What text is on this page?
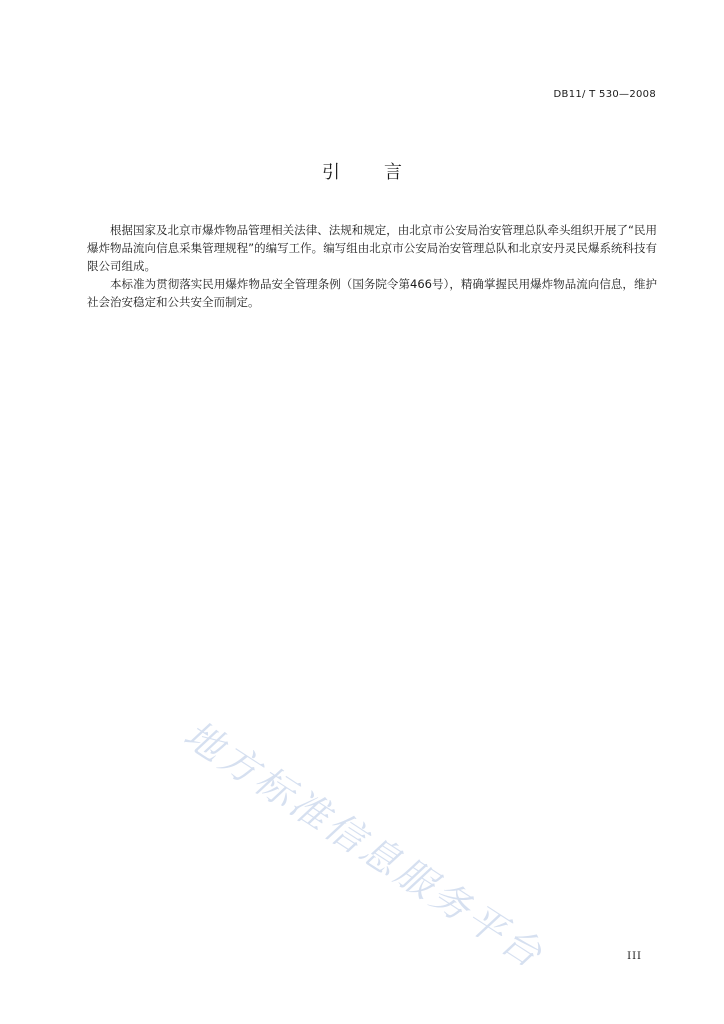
DB11/ T 530—2008
引言

根据国家及北京市爆炸物品管理相关法律、法规和规定，由北京市公安局治安管理总队牵头组织开展了“民用爆炸物品流向信息采集管理规程”的编写工作。编写组由北京市公安局治安管理总队和北京安丹灵民爆系统科技有限公司组成。

本标准为贯彻落实民用爆炸物品安全管理条例（国务院令第466号），精确掌握民用爆炸物品流向信息，维护社会治安稳定和公共安全而制定。

地方标准信息服务平台	III
